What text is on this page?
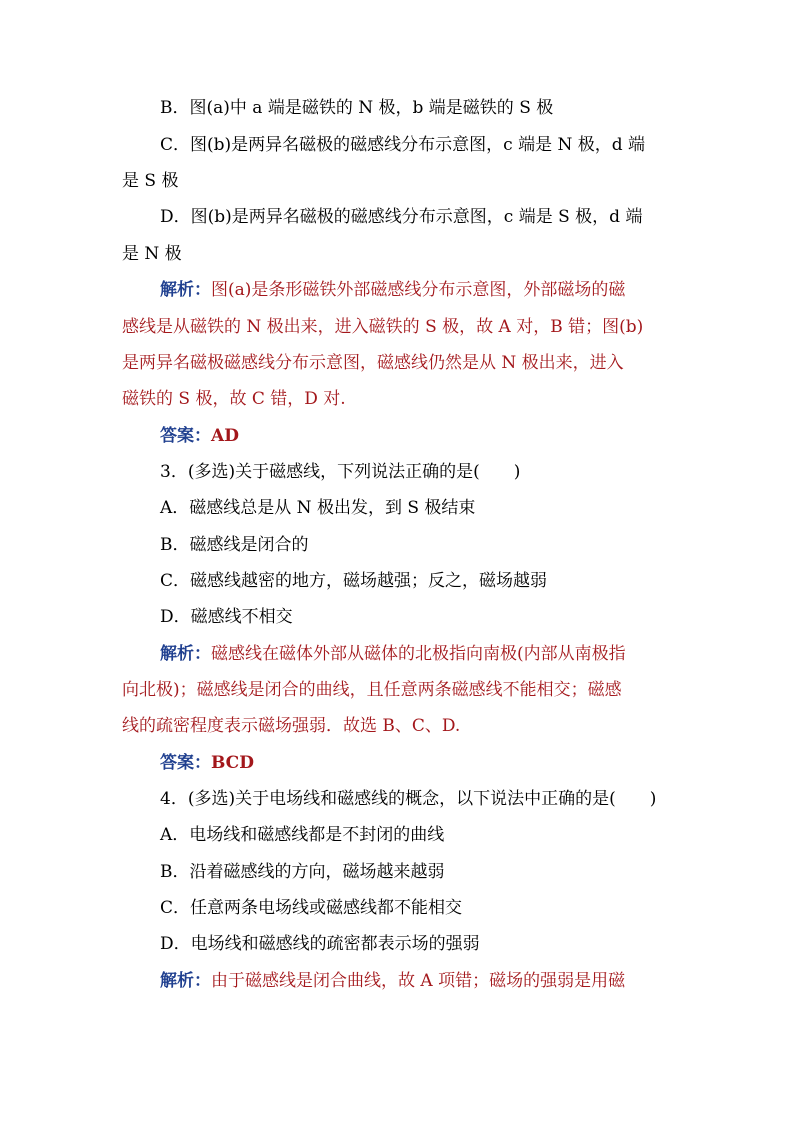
B．图(a)中 a 端是磁铁的 N 极，b 端是磁铁的 S 极
C．图(b)是两异名磁极的磁感线分布示意图，c 端是 N 极，d 端
是 S 极
D．图(b)是两异名磁极的磁感线分布示意图，c 端是 S 极，d 端
是 N 极
解析：图(a)是条形磁铁外部磁感线分布示意图，外部磁场的磁
感线是从磁铁的 N 极出来，进入磁铁的 S 极，故 A 对，B 错；图(b)
是两异名磁极磁感线分布示意图，磁感线仍然是从 N 极出来，进入
磁铁的 S 极，故 C 错，D 对.
答案：AD
3．(多选)关于磁感线，下列说法正确的是(　　)
A．磁感线总是从 N 极出发，到 S 极结束
B．磁感线是闭合的
C．磁感线越密的地方，磁场越强；反之，磁场越弱
D．磁感线不相交
解析：磁感线在磁体外部从磁体的北极指向南极(内部从南极指
向北极)；磁感线是闭合的曲线，且任意两条磁感线不能相交；磁感
线的疏密程度表示磁场强弱．故选 B、C、D.
答案：BCD
4．(多选)关于电场线和磁感线的概念，以下说法中正确的是(　　)
A．电场线和磁感线都是不封闭的曲线
B．沿着磁感线的方向，磁场越来越弱
C．任意两条电场线或磁感线都不能相交
D．电场线和磁感线的疏密都表示场的强弱
解析：由于磁感线是闭合曲线，故 A 项错；磁场的强弱是用磁
